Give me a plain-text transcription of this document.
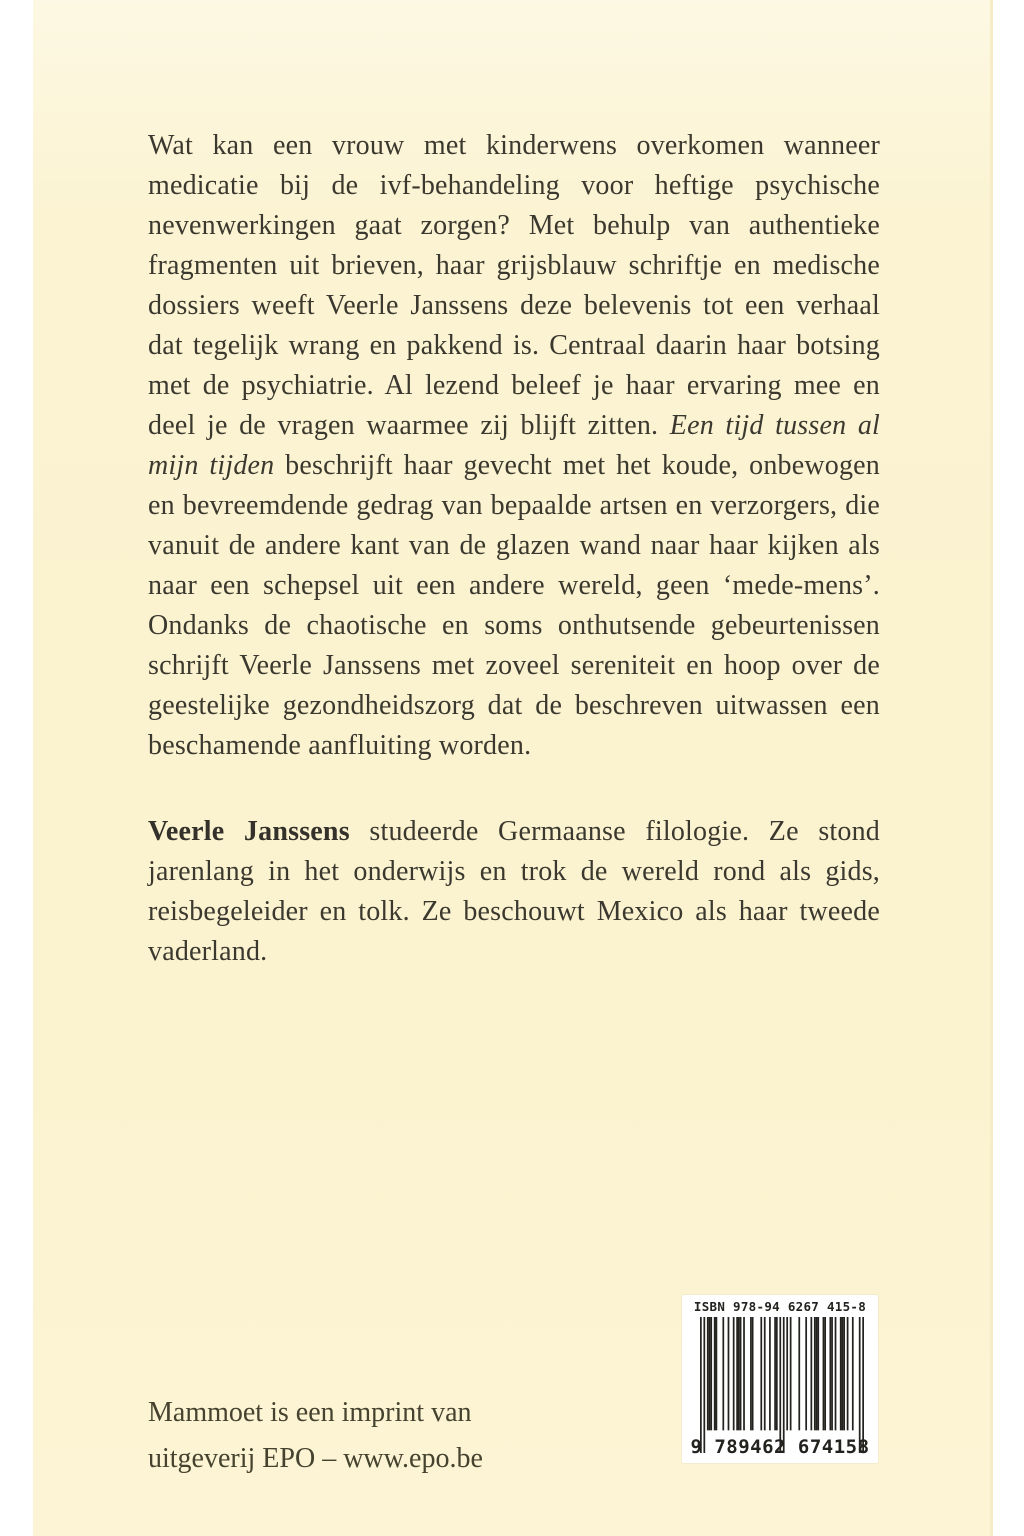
Wat kan een vrouw met kinderwens overkomen wanneer medicatie bij de ivf-behandeling voor heftige psychische nevenwerkingen gaat zorgen? Met behulp van authentieke fragmenten uit brieven, haar grijsblauw schriftje en medische dossiers weeft Veerle Janssens deze belevenis tot een verhaal dat tegelijk wrang en pakkend is. Centraal daarin haar botsing met de psychiatrie. Al lezend beleef je haar ervaring mee en deel je de vragen waarmee zij blijft zitten. Een tijd tussen al mijn tijden beschrijft haar gevecht met het koude, onbewogen en bevreemdende gedrag van bepaalde artsen en verzorgers, die vanuit de andere kant van de glazen wand naar haar kijken als naar een schepsel uit een andere wereld, geen ‘mede-mens’. Ondanks de chaotische en soms onthutsende gebeurtenissen schrijft Veerle Janssens met zoveel sereniteit en hoop over de geestelijke gezondheidszorg dat de beschreven uitwassen een beschamende aanfluiting worden.

Veerle Janssens studeerde Germaanse filologie. Ze stond jarenlang in het onderwijs en trok de wereld rond als gids, reisbegeleider en tolk. Ze beschouwt Mexico als haar tweede vaderland.

Mammoet is een imprint van
uitgeverij EPO – www.epo.be
ISBN 978-94 6267 415-8
9 789462 674158
